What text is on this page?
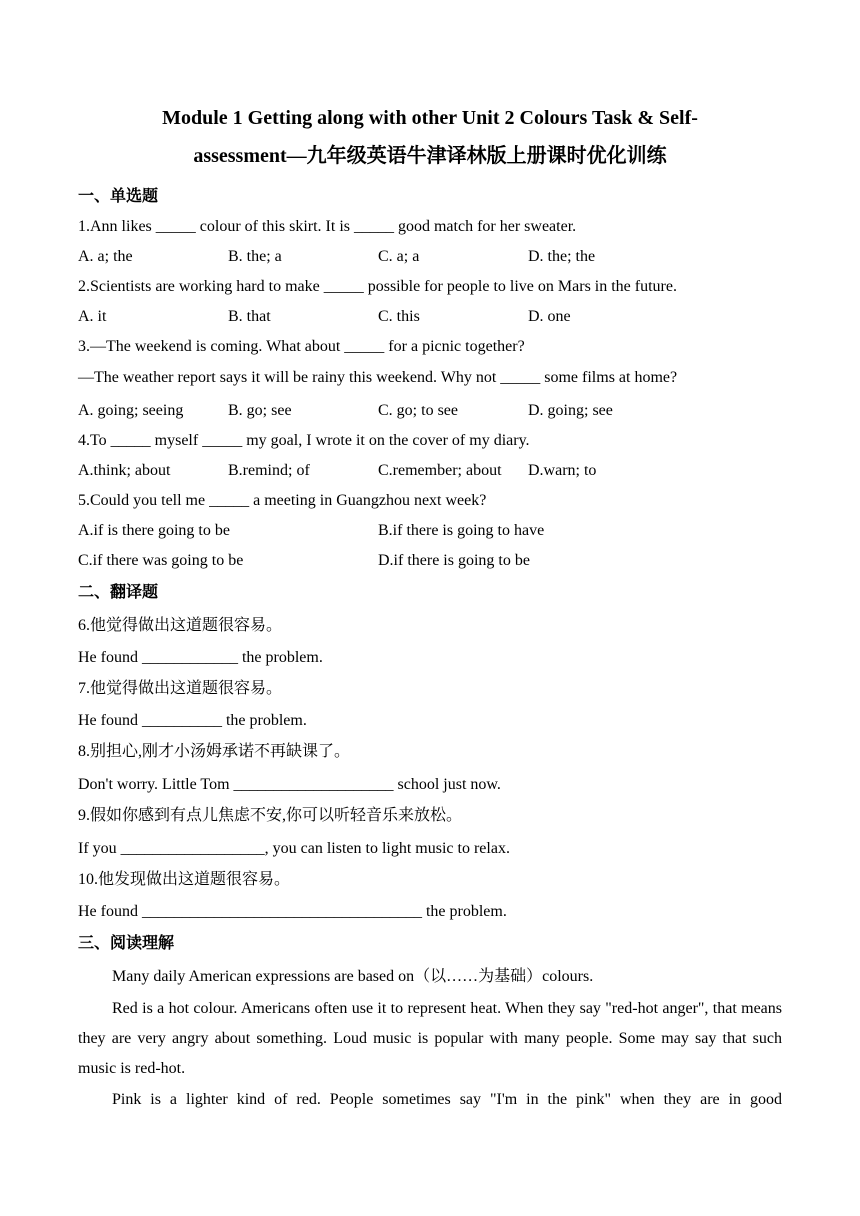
Module 1 Getting along with other Unit 2 Colours Task & Self-
assessment—九年级英语牛津译林版上册课时优化训练
一、单选题
1.Ann likes _____ colour of this skirt. It is _____ good match for her sweater.
A. a; the	B. the; a	C. a; a	D. the; the
2.Scientists are working hard to make _____ possible for people to live on Mars in the future.
A. it	B. that	C. this	D. one
3.—The weekend is coming. What about _____ for a picnic together?
—The weather report says it will be rainy this weekend. Why not _____ some films at home?
A. going; seeing	B. go; see	C. go; to see	D. going; see
4.To _____ myself _____ my goal, I wrote it on the cover of my diary.
A.think; about	B.remind; of	C.remember; about D.warn; to
5.Could you tell me _____ a meeting in Guangzhou next week?
A.if is there going to be	B.if there is going to have
C.if there was going to be	D.if there is going to be
二、翻译题
6.他觉得做出这道题很容易。
He found ____________ the problem.
7.他觉得做出这道题很容易。
He found __________ the problem.
8.别担心,刚才小汤姆承诺不再缺课了。
Don't worry. Little Tom ____________________ school just now.
9.假如你感到有点儿焦虑不安,你可以听轻音乐来放松。
If you __________________, you can listen to light music to relax.
10.他发现做出这道题很容易。
He found ___________________________________ the problem.
三、阅读理解
Many daily American expressions are based on（以……为基础）colours.
Red is a hot colour. Americans often use it to represent heat. When they say "red-hot anger", that means they are very angry about something. Loud music is popular with many people. Some may say that such music is red-hot.
Pink is a lighter kind of red. People sometimes say "I'm in the pink" when they are in good
